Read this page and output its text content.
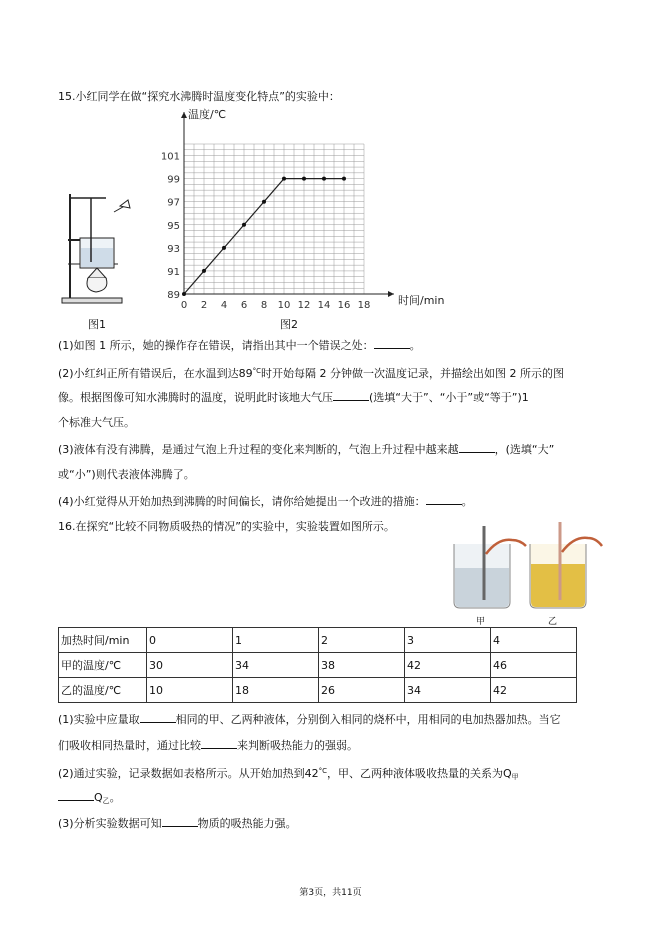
15.小红同学在做“探究水沸腾时温度变化特点”的实验中：
图1
0 2 4 6 8 10 12 14 16 18
89
91
93
95
97
99
101
温度/℃
时间/min
图2
(1)如图 1 所示，她的操作存在错误，请指出其中一个错误之处：	。
(2)小红纠正所有错误后，在水温到达$89^{^\circ C}$时开始每隔 2 分钟做一次温度记录，并描绘出如图 2 所示的图
像。根据图像可知水沸腾时的温度，说明此时该地大气压	(选填“大于”、“小于”或“等于”)1
个标准大气压。
(3)液体有没有沸腾，是通过气泡上升过程的变化来判断的，气泡上升过程中越来越	，(选填“大”
或“小”)则代表液体沸腾了。
(4)小红觉得从开始加热到沸腾的时间偏长，请你给她提出一个改进的措施：	。
16.在探究“比较不同物质吸热的情况”的实验中，实验装置如图所示。
甲	乙
加热时间/min	0	1	2	3	4
甲的温度/℃	30	34	38	42	46
乙的温度/℃	10	18	26	34	42
(1)实验中应量取	相同的甲、乙两种液体，分别倒入相同的烧杯中，用相同的电加热器加热。当它
们吸收相同热量时，通过比较	来判断吸热能力的强弱。
(2)通过实验，记录数据如表格所示。从开始加热到$42^{^\circ C}$，甲、乙两种液体吸收热量的关系为$Q_甲$
$Q_乙$。
(3)分析实验数据可知	物质的吸热能力强。
第3页，共11页
